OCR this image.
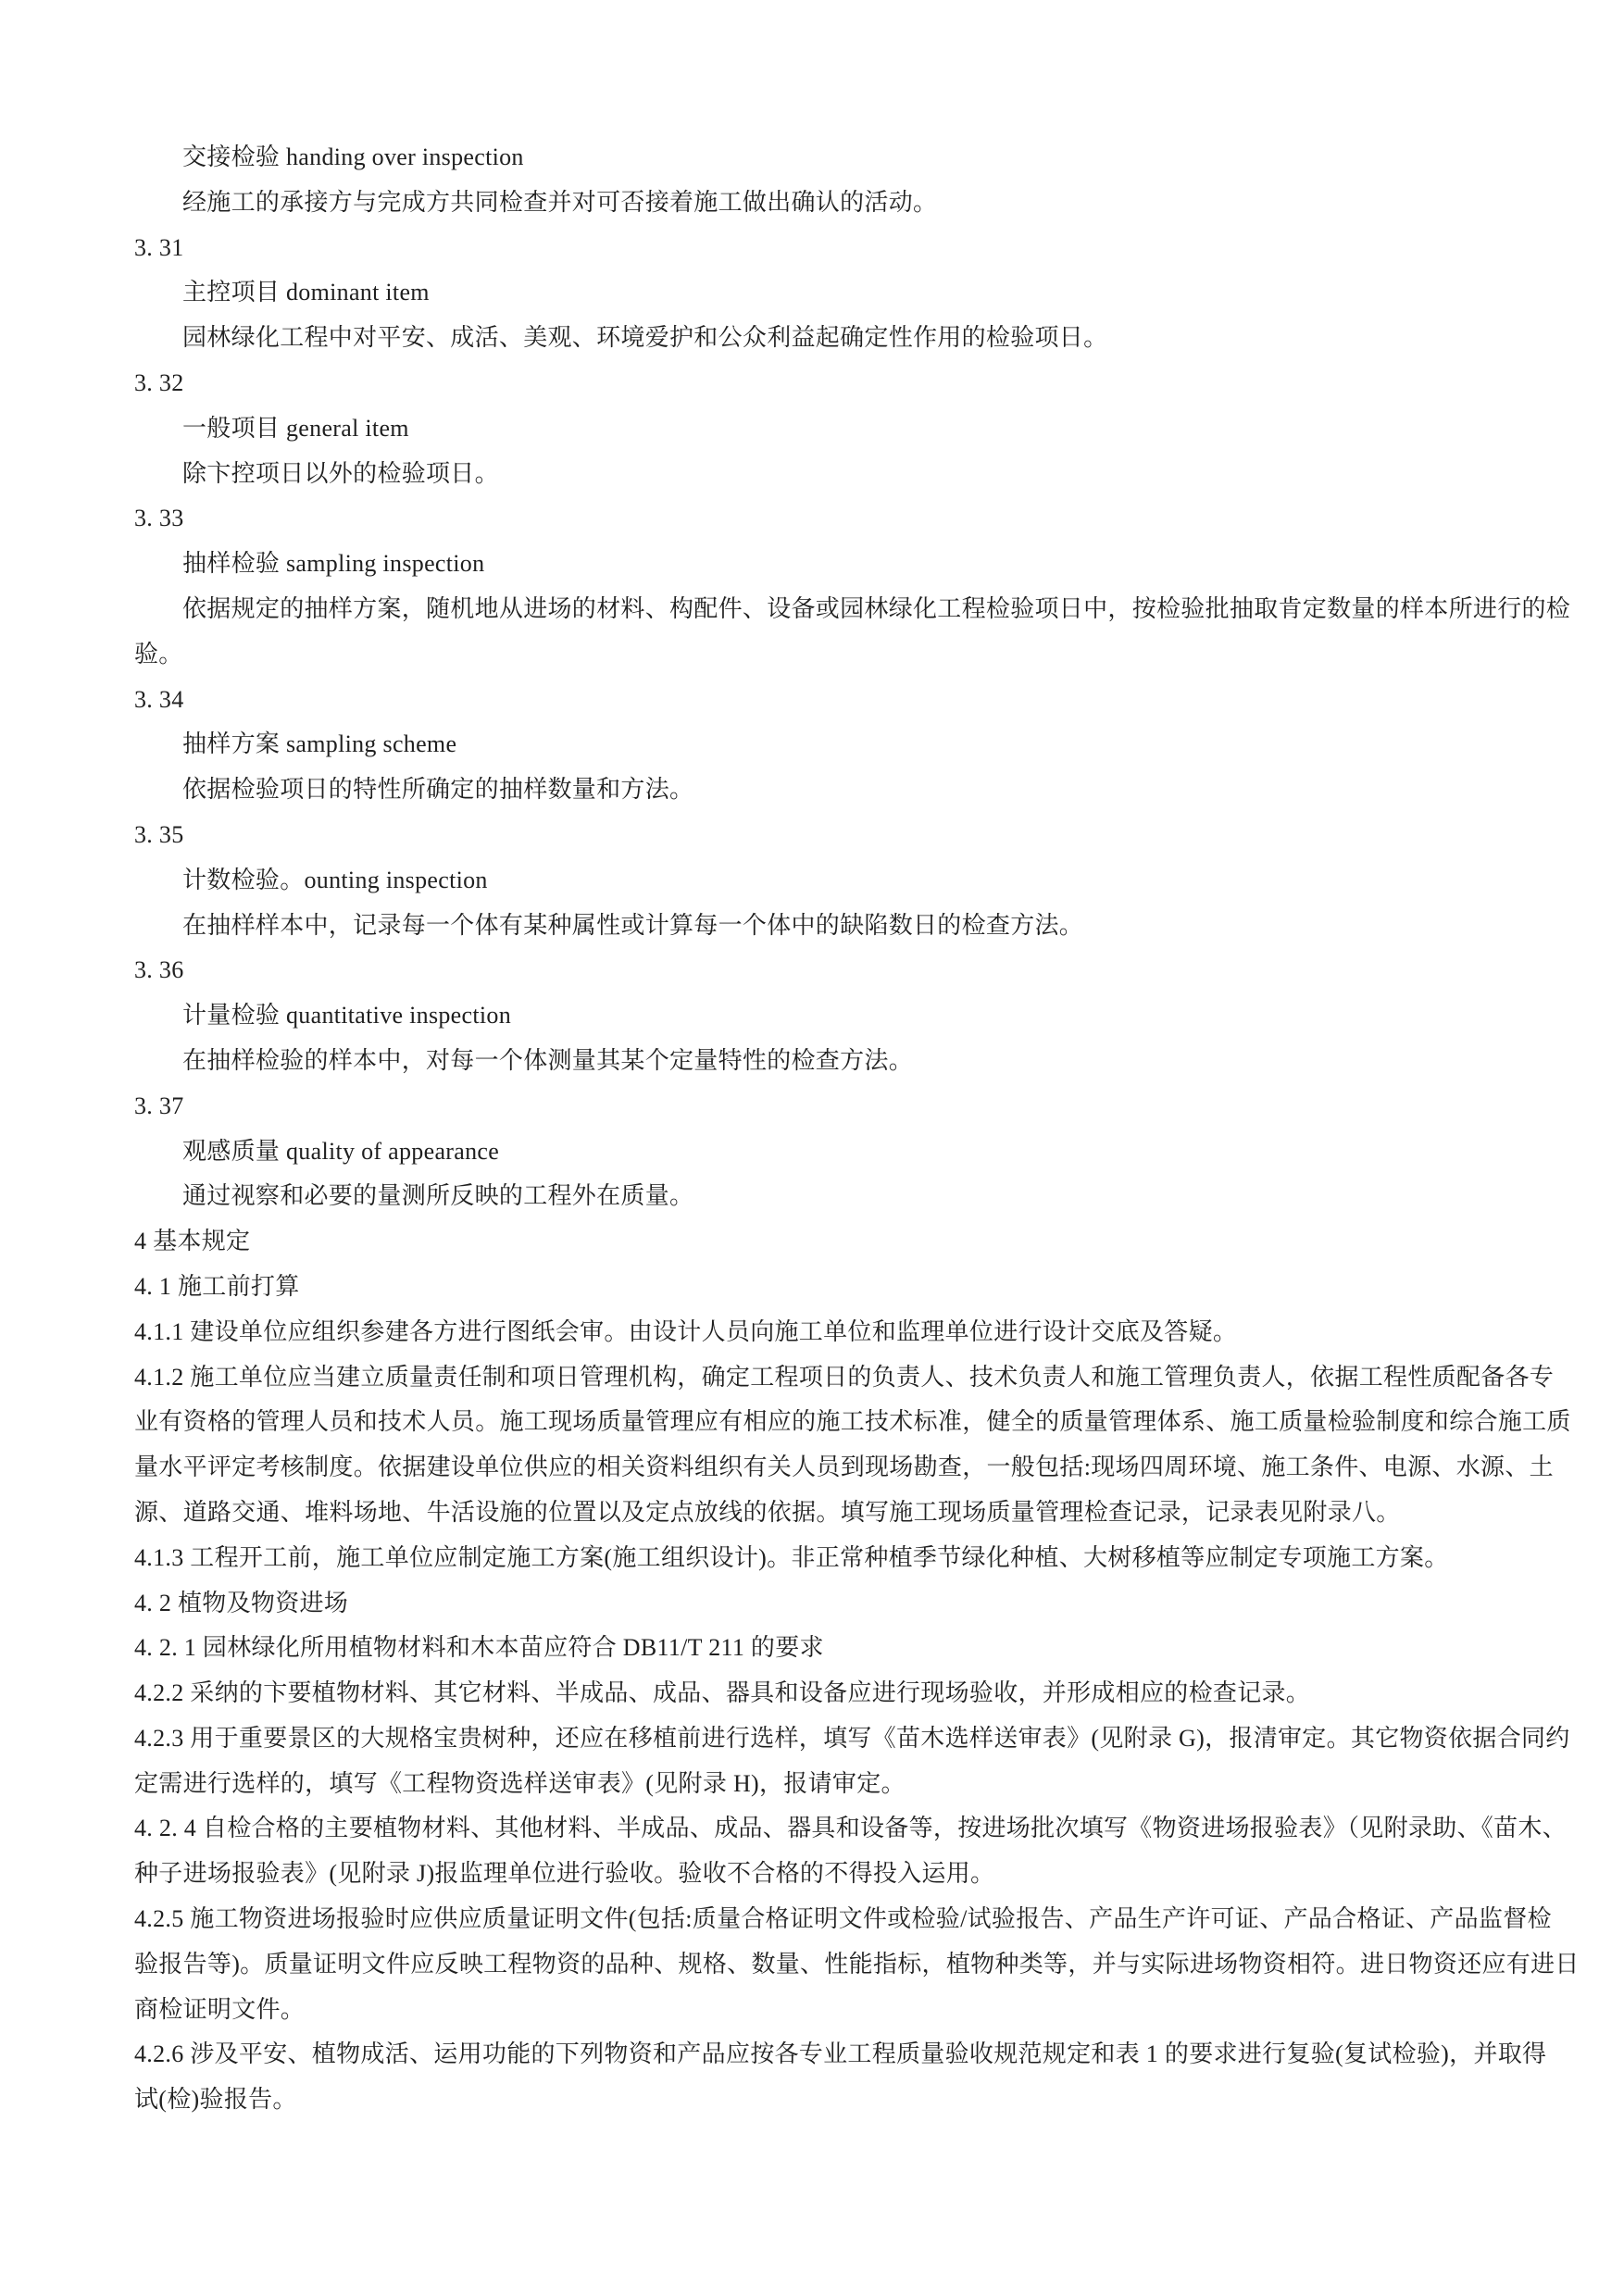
交接检验 handing over inspection
经施工的承接方与完成方共同检查并对可否接着施工做出确认的活动。
3. 31
主控项目 dominant item
园林绿化工程中对平安、成活、美观、环境爱护和公众利益起确定性作用的检验项日。
3. 32
一般项目 general item
除卞控项日以外的检验项日。
3. 33
抽样检验 sampling inspection
依据规定的抽样方案，随机地从进场的材料、构配件、设备或园林绿化工程检验项日中，按检验批抽取肯定数量的样本所进行的检
验。
3. 34
抽样方案 sampling scheme
依据检验项日的特性所确定的抽样数量和方法。
3. 35
计数检验。ounting inspection
在抽样样本中，记录每一个体有某种属性或计算每一个体中的缺陷数日的检查方法。
3. 36
计量检验 quantitative inspection
在抽样检验的样本中，对每一个体测量其某个定量特性的检查方法。
3. 37
观感质量 quality of appearance
通过视察和必要的量测所反映的工程外在质量。
4 基本规定
4. 1 施工前打算
4.1.1 建设单位应组织参建各方进行图纸会审。由设计人员向施工单位和监理单位进行设计交底及答疑。
4.1.2 施工单位应当建立质量责任制和项日管理机构，确定工程项日的负责人、技术负责人和施工管理负责人，依据工程性质配备各专
业有资格的管理人员和技术人员。施工现场质量管理应有相应的施工技术标准，健全的质量管理体系、施工质量检验制度和综合施工质
量水平评定考核制度。依据建设单位供应的相关资料组织有关人员到现场勘查，一般包括:现场四周环境、施工条件、电源、水源、土
源、道路交通、堆料场地、牛活设施的位置以及定点放线的依据。填写施工现场质量管理检查记录，记录表见附录八。
4.1.3 工程开工前，施工单位应制定施工方案(施工组织设计)。非正常种植季节绿化种植、大树移植等应制定专项施工方案。
4. 2 植物及物资进场
4. 2. 1 园林绿化所用植物材料和木本苗应符合 DB11/T 211 的要求
4.2.2 采纳的卞要植物材料、其它材料、半成品、成品、器具和设备应进行现场验收，并形成相应的检查记录。
4.2.3 用于重要景区的大规格宝贵树种，还应在移植前进行选样，填写《苗木选样送审表》(见附录 G)，报清审定。其它物资依据合同约
定需进行选样的，填写《工程物资选样送审表》(见附录 H)，报请审定。
4. 2. 4 自检合格的主要植物材料、其他材料、半成品、成品、器具和设备等，按进场批次填写《物资进场报验表》（见附录助、《苗木、
种子进场报验表》(见附录 J)报监理单位进行验收。验收不合格的不得投入运用。
4.2.5 施工物资进场报验时应供应质量证明文件(包括:质量合格证明文件或检验/试验报告、产品生产许可证、产品合格证、产品监督检
验报告等)。质量证明文件应反映工程物资的品种、规格、数量、性能指标，植物种类等，并与实际进场物资相符。进日物资还应有进日
商检证明文件。
4.2.6 涉及平安、植物成活、运用功能的下列物资和产品应按各专业工程质量验收规范规定和表 1 的要求进行复验(复试检验)，并取得
试(检)验报告。
